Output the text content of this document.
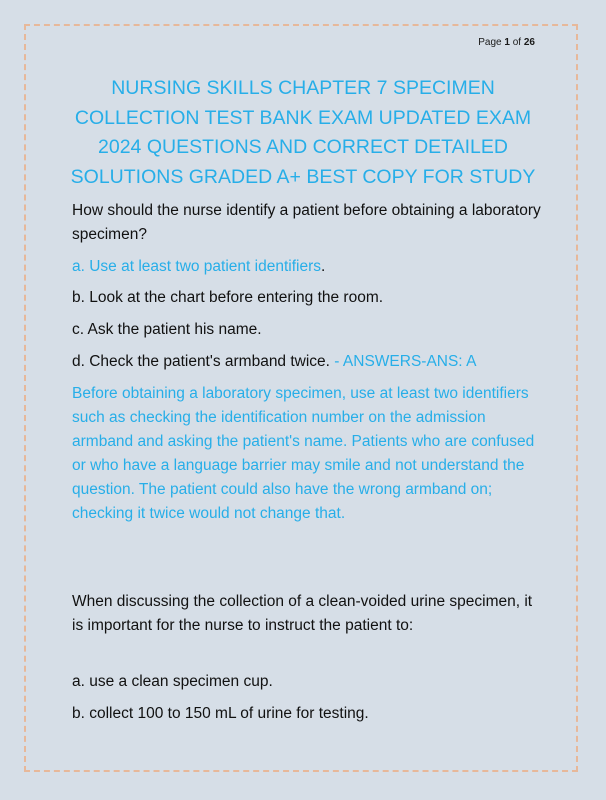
Page 1 of 26
NURSING SKILLS CHAPTER 7 SPECIMEN COLLECTION TEST BANK EXAM UPDATED EXAM 2024 QUESTIONS AND CORRECT DETAILED SOLUTIONS GRADED A+ BEST COPY FOR STUDY

How should the nurse identify a patient before obtaining a laboratory specimen?

a. Use at least two patient identifiers.

b. Look at the chart before entering the room.

c. Ask the patient his name.

d. Check the patient's armband twice. - ANSWERS-ANS: A

Before obtaining a laboratory specimen, use at least two identifiers such as checking the identification number on the admission armband and asking the patient's name. Patients who are confused or who have a language barrier may smile and not understand the question. The patient could also have the wrong armband on; checking it twice would not change that.

When discussing the collection of a clean-voided urine specimen, it is important for the nurse to instruct the patient to:

a. use a clean specimen cup.

b. collect 100 to 150 mL of urine for testing.
